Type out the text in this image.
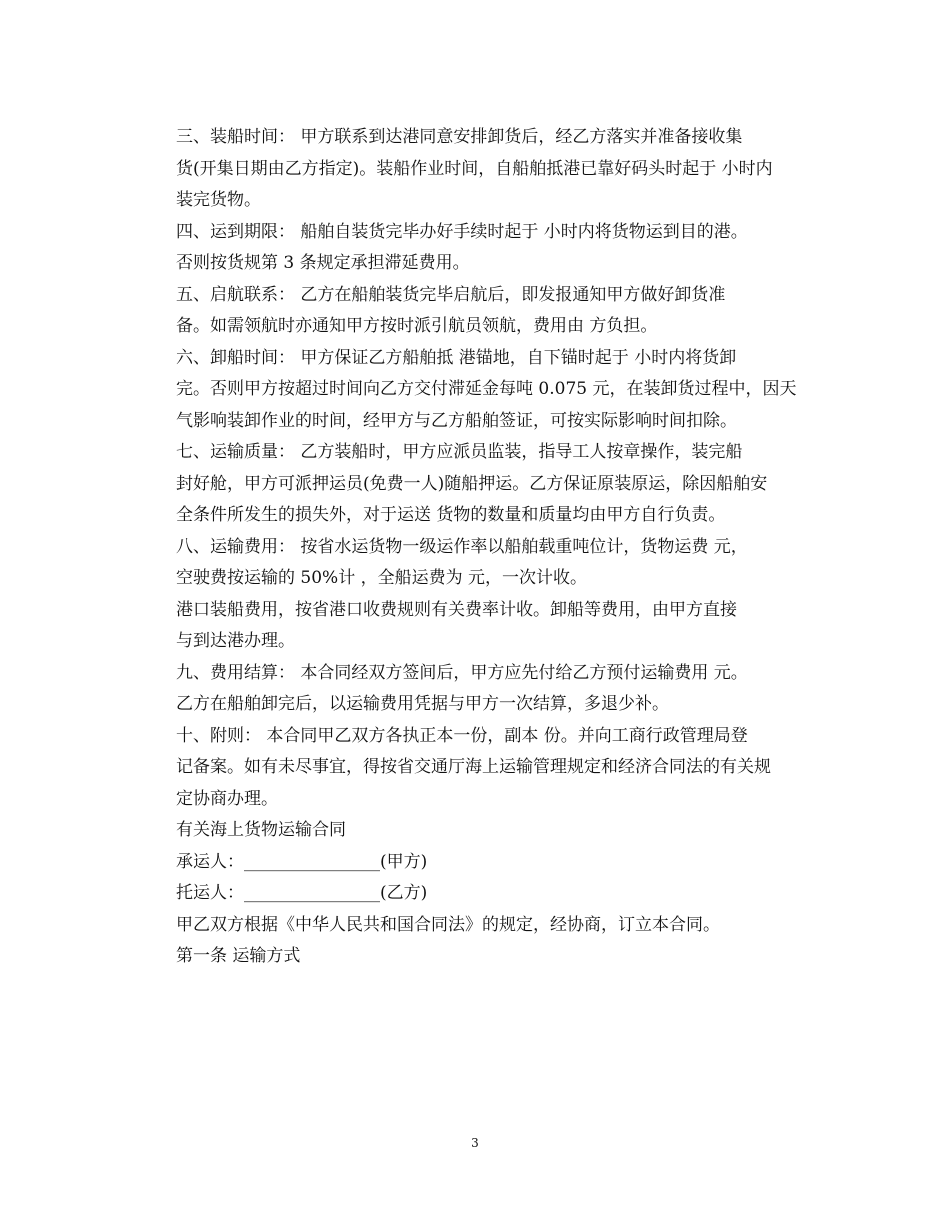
三、装船时间： 甲方联系到达港同意安排卸货后，经乙方落实并准备接收集
货(开集日期由乙方指定)。装船作业时间，自船舶抵港已靠好码头时起于 小时内
装完货物。

四、运到期限： 船舶自装货完毕办好手续时起于 小时内将货物运到目的港。
否则按货规第 3 条规定承担滞延费用。

五、启航联系： 乙方在船舶装货完毕启航后，即发报通知甲方做好卸货准
备。如需领航时亦通知甲方按时派引航员领航，费用由 方负担。

六、卸船时间： 甲方保证乙方船舶抵 港锚地，自下锚时起于 小时内将货卸
完。否则甲方按超过时间向乙方交付滞延金每吨 0.075 元，在装卸货过程中，因天
气影响装卸作业的时间，经甲方与乙方船舶签证，可按实际影响时间扣除。

七、运输质量： 乙方装船时，甲方应派员监装，指导工人按章操作，装完船
封好舱，甲方可派押运员(免费一人)随船押运。乙方保证原装原运，除因船舶安
全条件所发生的损失外，对于运送 货物的数量和质量均由甲方自行负责。

八、运输费用： 按省水运货物一级运作率以船舶载重吨位计，货物运费 元，
空驶费按运输的 50%计 ，全船运费为 元，一次计收。

港口装船费用，按省港口收费规则有关费率计收。卸船等费用，由甲方直接
与到达港办理。

九、费用结算： 本合同经双方签间后，甲方应先付给乙方预付运输费用 元。
乙方在船舶卸完后，以运输费用凭据与甲方一次结算，多退少补。

十、附则： 本合同甲乙双方各执正本一份，副本 份。并向工商行政管理局登
记备案。如有未尽事宜，得按省交通厅海上运输管理规定和经济合同法的有关规
定协商办理。

有关海上货物运输合同

承运人：________________(甲方)

托运人：________________(乙方)

甲乙双方根据《中华人民共和国合同法》的规定，经协商，订立本合同。

第一条 运输方式

3
